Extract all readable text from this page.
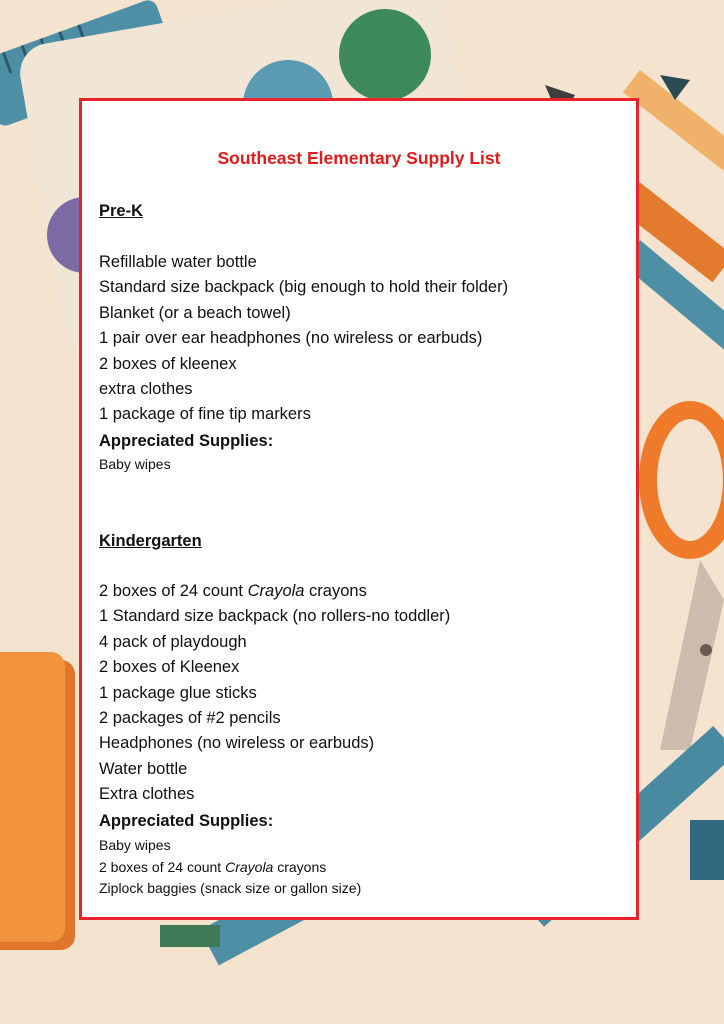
Southeast Elementary Supply List
Pre-K
Refillable water bottle
Standard size backpack (big enough to hold their folder)
Blanket (or a beach towel)
1 pair over ear headphones (no wireless or earbuds)
2 boxes of kleenex
extra clothes
1 package of fine tip markers
Appreciated Supplies:
Baby wipes
Kindergarten
2 boxes of 24 count Crayola crayons
1 Standard size backpack (no rollers-no toddler)
4 pack of playdough
2 boxes of Kleenex
1 package glue sticks
2 packages of #2 pencils
Headphones (no wireless or earbuds)
Water bottle
Extra clothes
Appreciated Supplies:
Baby wipes
2 boxes of 24 count Crayola crayons
Ziplock baggies (snack size or gallon size)
